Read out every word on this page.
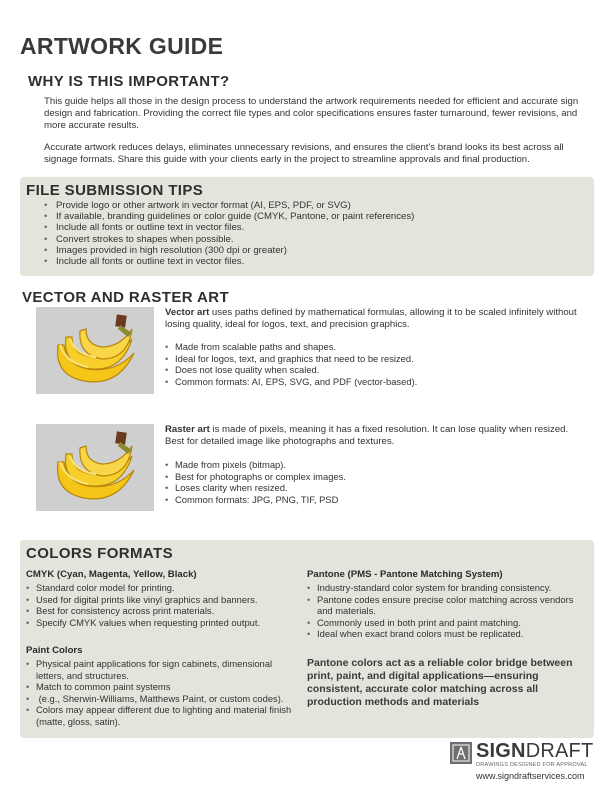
ARTWORK GUIDE
WHY IS THIS IMPORTANT?

This guide helps all those in the design process to understand the artwork requirements needed for efficient and accurate sign design and fabrication. Providing the correct file types and color specifications ensures faster turnaround, fewer revisions, and more accurate results.

Accurate artwork reduces delays, eliminates unnecessary revisions, and ensures the client's brand looks its best across all signage formats. Share this guide with your clients early in the project to streamline approvals and final production.

FILE SUBMISSION TIPS
• Provide logo or other artwork in vector format (AI, EPS, PDF, or SVG)
• If available, branding guidelines or color guide (CMYK, Pantone, or paint references)
• Include all fonts or outline text in vector files.
• Convert strokes to shapes when possible.
• Images provided in high resolution (300 dpi or greater)
• Include all fonts or outline text in vector files.
VECTOR AND RASTER ART

Vector art uses paths defined by mathematical formulas, allowing it to be scaled infinitely without losing quality, ideal for logos, text, and precision graphics.

• Made from scalable paths and shapes.
• Ideal for logos, text, and graphics that need to be resized.
• Does not lose quality when scaled.
• Common formats: AI, EPS, SVG, and PDF (vector-based).

Raster art is made of pixels, meaning it has a fixed resolution. It can lose quality when resized. Best for detailed image like photographs and textures.

• Made from pixels (bitmap).
• Best for photographs or complex images.
• Loses clarity when resized.
• Common formats: JPG, PNG, TIF, PSD
COLORS FORMATS
CMYK (Cyan, Magenta, Yellow, Black)
• Standard color model for printing.
• Used for digital prints like vinyl graphics and banners.
• Best for consistency across print materials.
• Specify CMYK values when requesting printed output.
Paint Colors
• Physical paint applications for sign cabinets, dimensional letters, and structures.
• Match to common paint systems
• (e.g., Sherwin-Williams, Matthews Paint, or custom codes).
• Colors may appear different due to lighting and material finish (matte, gloss, satin).
Pantone (PMS - Pantone Matching System)
• Industry-standard color system for branding consistency.
• Pantone codes ensure precise color matching across vendors and materials.
• Commonly used in both print and paint matching.
• Ideal when exact brand colors must be replicated.

Pantone colors act as a reliable color bridge between print, paint, and digital applications—ensuring consistent, accurate color matching across all production methods and materials

SIGNDRAFT
DRAWINGS DESIGNED FOR APPROVAL
www.signdraftservices.com
